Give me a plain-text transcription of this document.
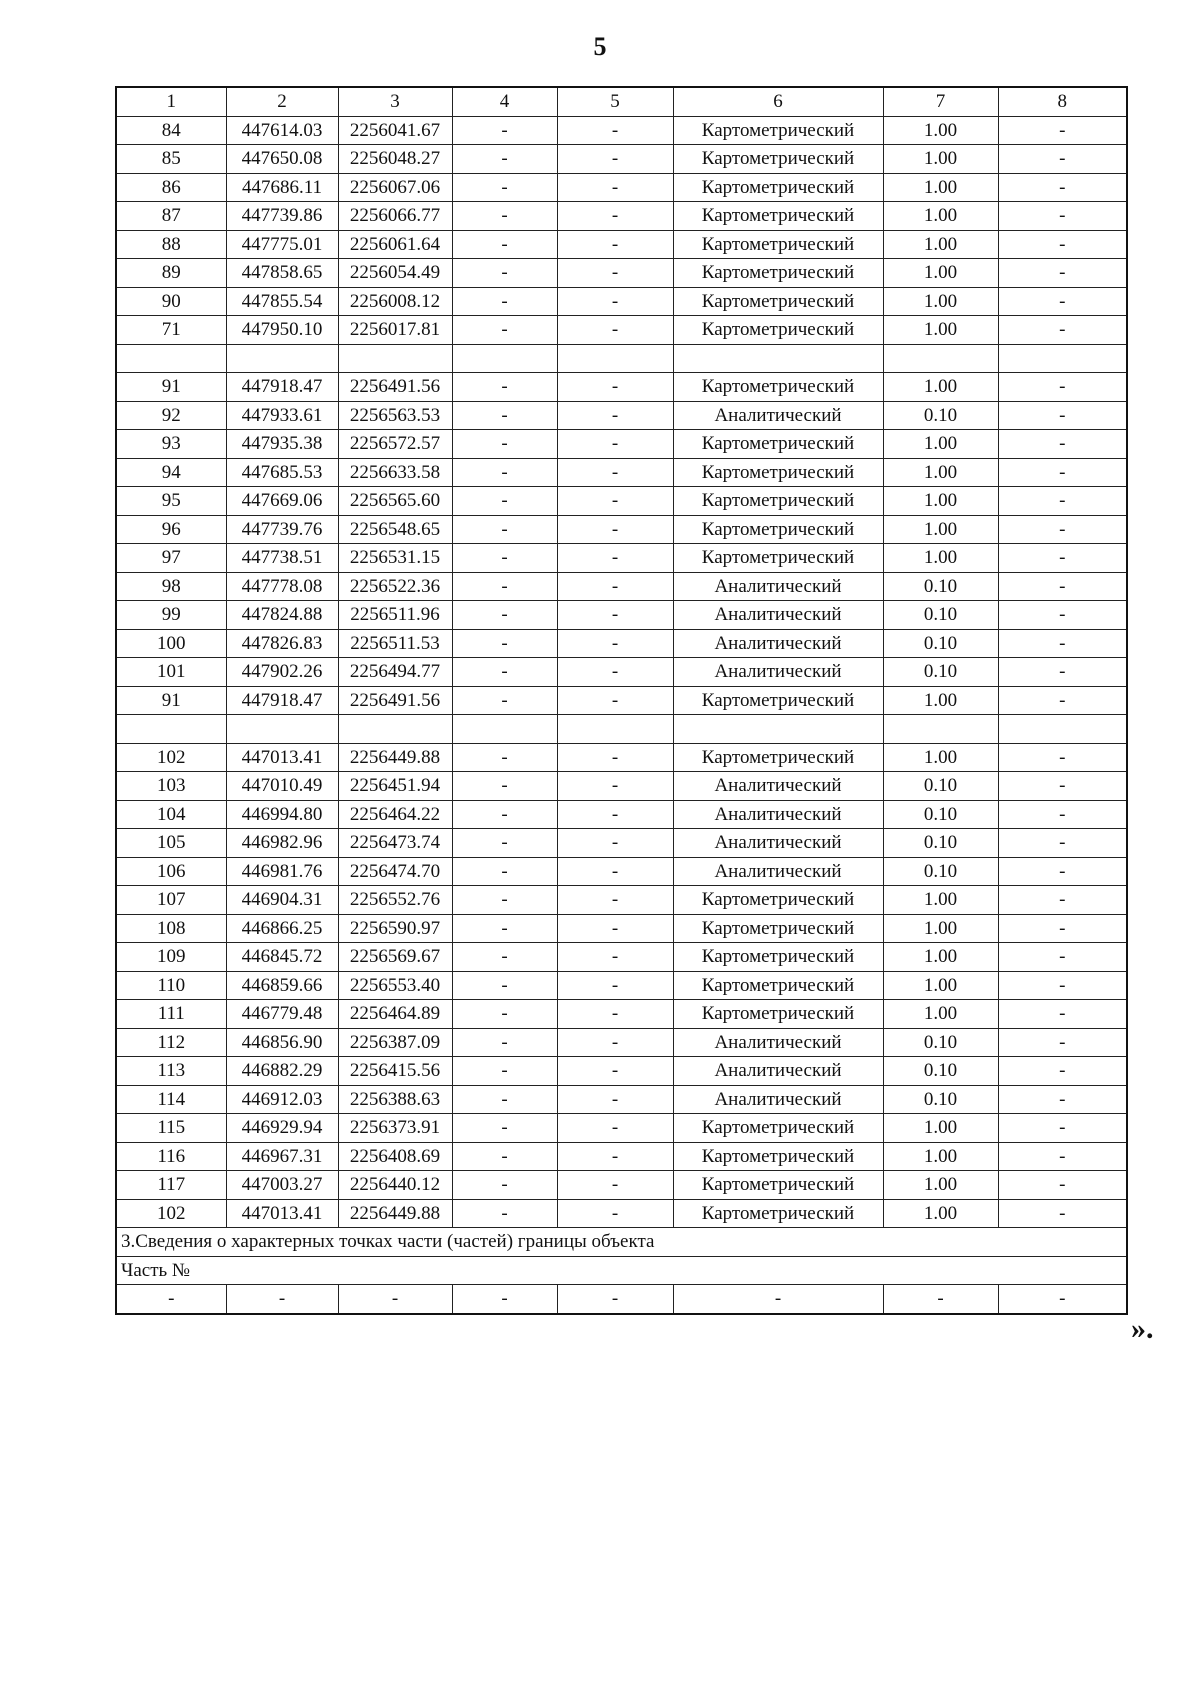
5
1	2	3	4	5	6	7	8
84	447614.03	2256041.67	-	-	Картометрический	1.00	-
85	447650.08	2256048.27	-	-	Картометрический	1.00	-
86	447686.11	2256067.06	-	-	Картометрический	1.00	-
87	447739.86	2256066.77	-	-	Картометрический	1.00	-
88	447775.01	2256061.64	-	-	Картометрический	1.00	-
89	447858.65	2256054.49	-	-	Картометрический	1.00	-
90	447855.54	2256008.12	-	-	Картометрический	1.00	-
71	447950.10	2256017.81	-	-	Картометрический	1.00	-

91	447918.47	2256491.56	-	-	Картометрический	1.00	-
92	447933.61	2256563.53	-	-	Аналитический	0.10	-
93	447935.38	2256572.57	-	-	Картометрический	1.00	-
94	447685.53	2256633.58	-	-	Картометрический	1.00	-
95	447669.06	2256565.60	-	-	Картометрический	1.00	-
96	447739.76	2256548.65	-	-	Картометрический	1.00	-
97	447738.51	2256531.15	-	-	Картометрический	1.00	-
98	447778.08	2256522.36	-	-	Аналитический	0.10	-
99	447824.88	2256511.96	-	-	Аналитический	0.10	-
100	447826.83	2256511.53	-	-	Аналитический	0.10	-
101	447902.26	2256494.77	-	-	Аналитический	0.10	-
91	447918.47	2256491.56	-	-	Картометрический	1.00	-

102	447013.41	2256449.88	-	-	Картометрический	1.00	-
103	447010.49	2256451.94	-	-	Аналитический	0.10	-
104	446994.80	2256464.22	-	-	Аналитический	0.10	-
105	446982.96	2256473.74	-	-	Аналитический	0.10	-
106	446981.76	2256474.70	-	-	Аналитический	0.10	-
107	446904.31	2256552.76	-	-	Картометрический	1.00	-
108	446866.25	2256590.97	-	-	Картометрический	1.00	-
109	446845.72	2256569.67	-	-	Картометрический	1.00	-
110	446859.66	2256553.40	-	-	Картометрический	1.00	-
111	446779.48	2256464.89	-	-	Картометрический	1.00	-
112	446856.90	2256387.09	-	-	Аналитический	0.10	-
113	446882.29	2256415.56	-	-	Аналитический	0.10	-
114	446912.03	2256388.63	-	-	Аналитический	0.10	-
115	446929.94	2256373.91	-	-	Картометрический	1.00	-
116	446967.31	2256408.69	-	-	Картометрический	1.00	-
117	447003.27	2256440.12	-	-	Картометрический	1.00	-
102	447013.41	2256449.88	-	-	Картометрический	1.00	-
3.Сведения о характерных точках части (частей) границы объекта							
Часть №							
-	-	-	-	-	-	-	-
».
